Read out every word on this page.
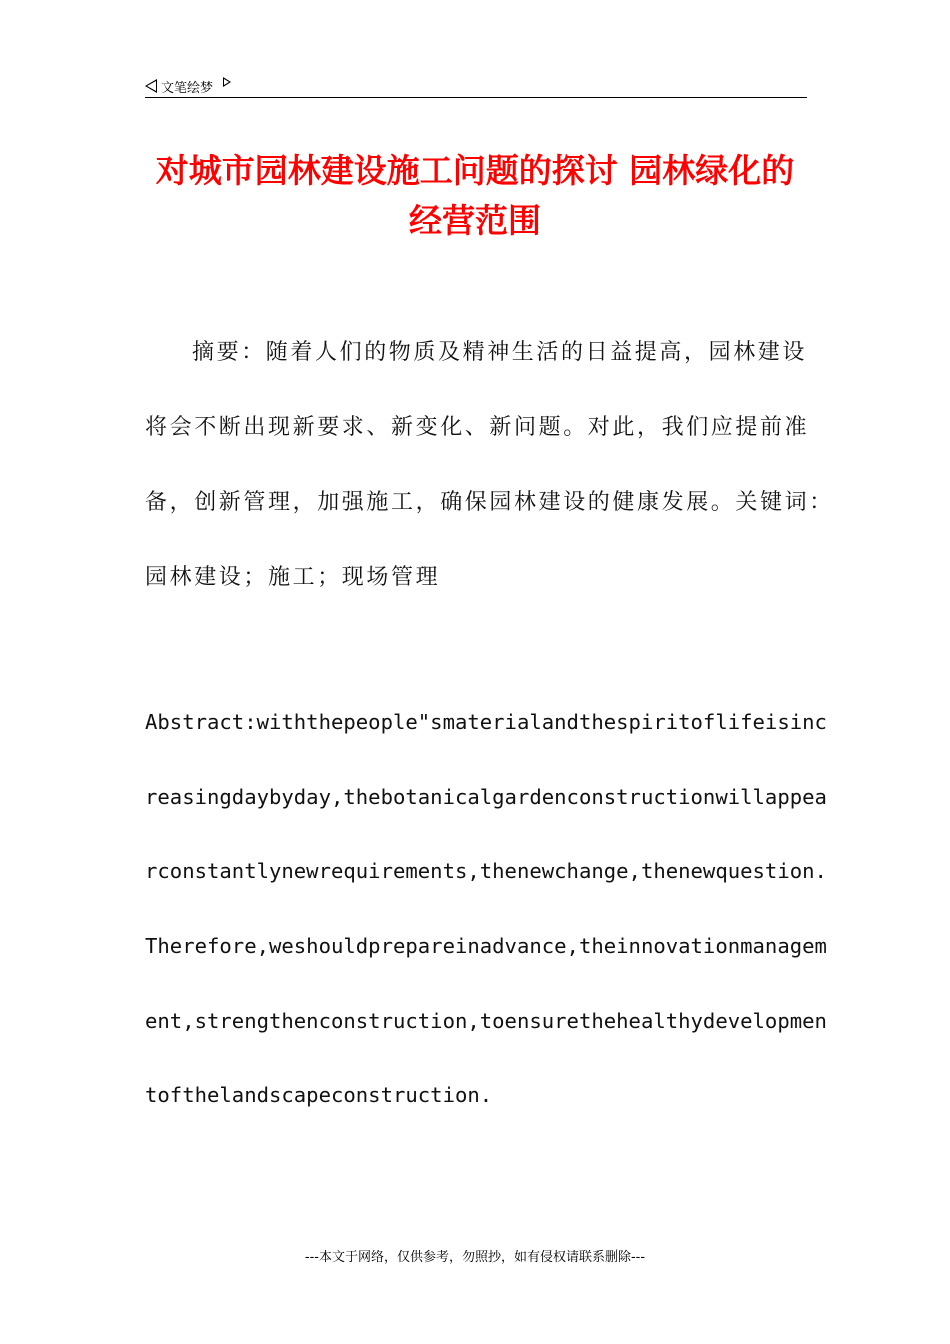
文笔绘梦
对城市园林建设施工问题的探讨 园林绿化的
经营范围
摘要：随着人们的物质及精神生活的日益提高，园林建设
将会不断出现新要求、新变化、新问题。对此，我们应提前准
备，创新管理，加强施工，确保园林建设的健康发展。关键词：
园林建设；施工；现场管理
Abstract:withthepeople"smaterialandthespiritoflifeisinc
reasingdaybyday,thebotanicalgardenconstructionwillappea
rconstantlynewrequirements,thenewchange,thenewquestion.
Therefore,weshouldprepareinadvance,theinnovationmanagem
ent,strengthenconstruction,toensurethehealthydevelopmen
tofthelandscapeconstruction.
---本文于网络，仅供参考，勿照抄，如有侵权请联系删除---
